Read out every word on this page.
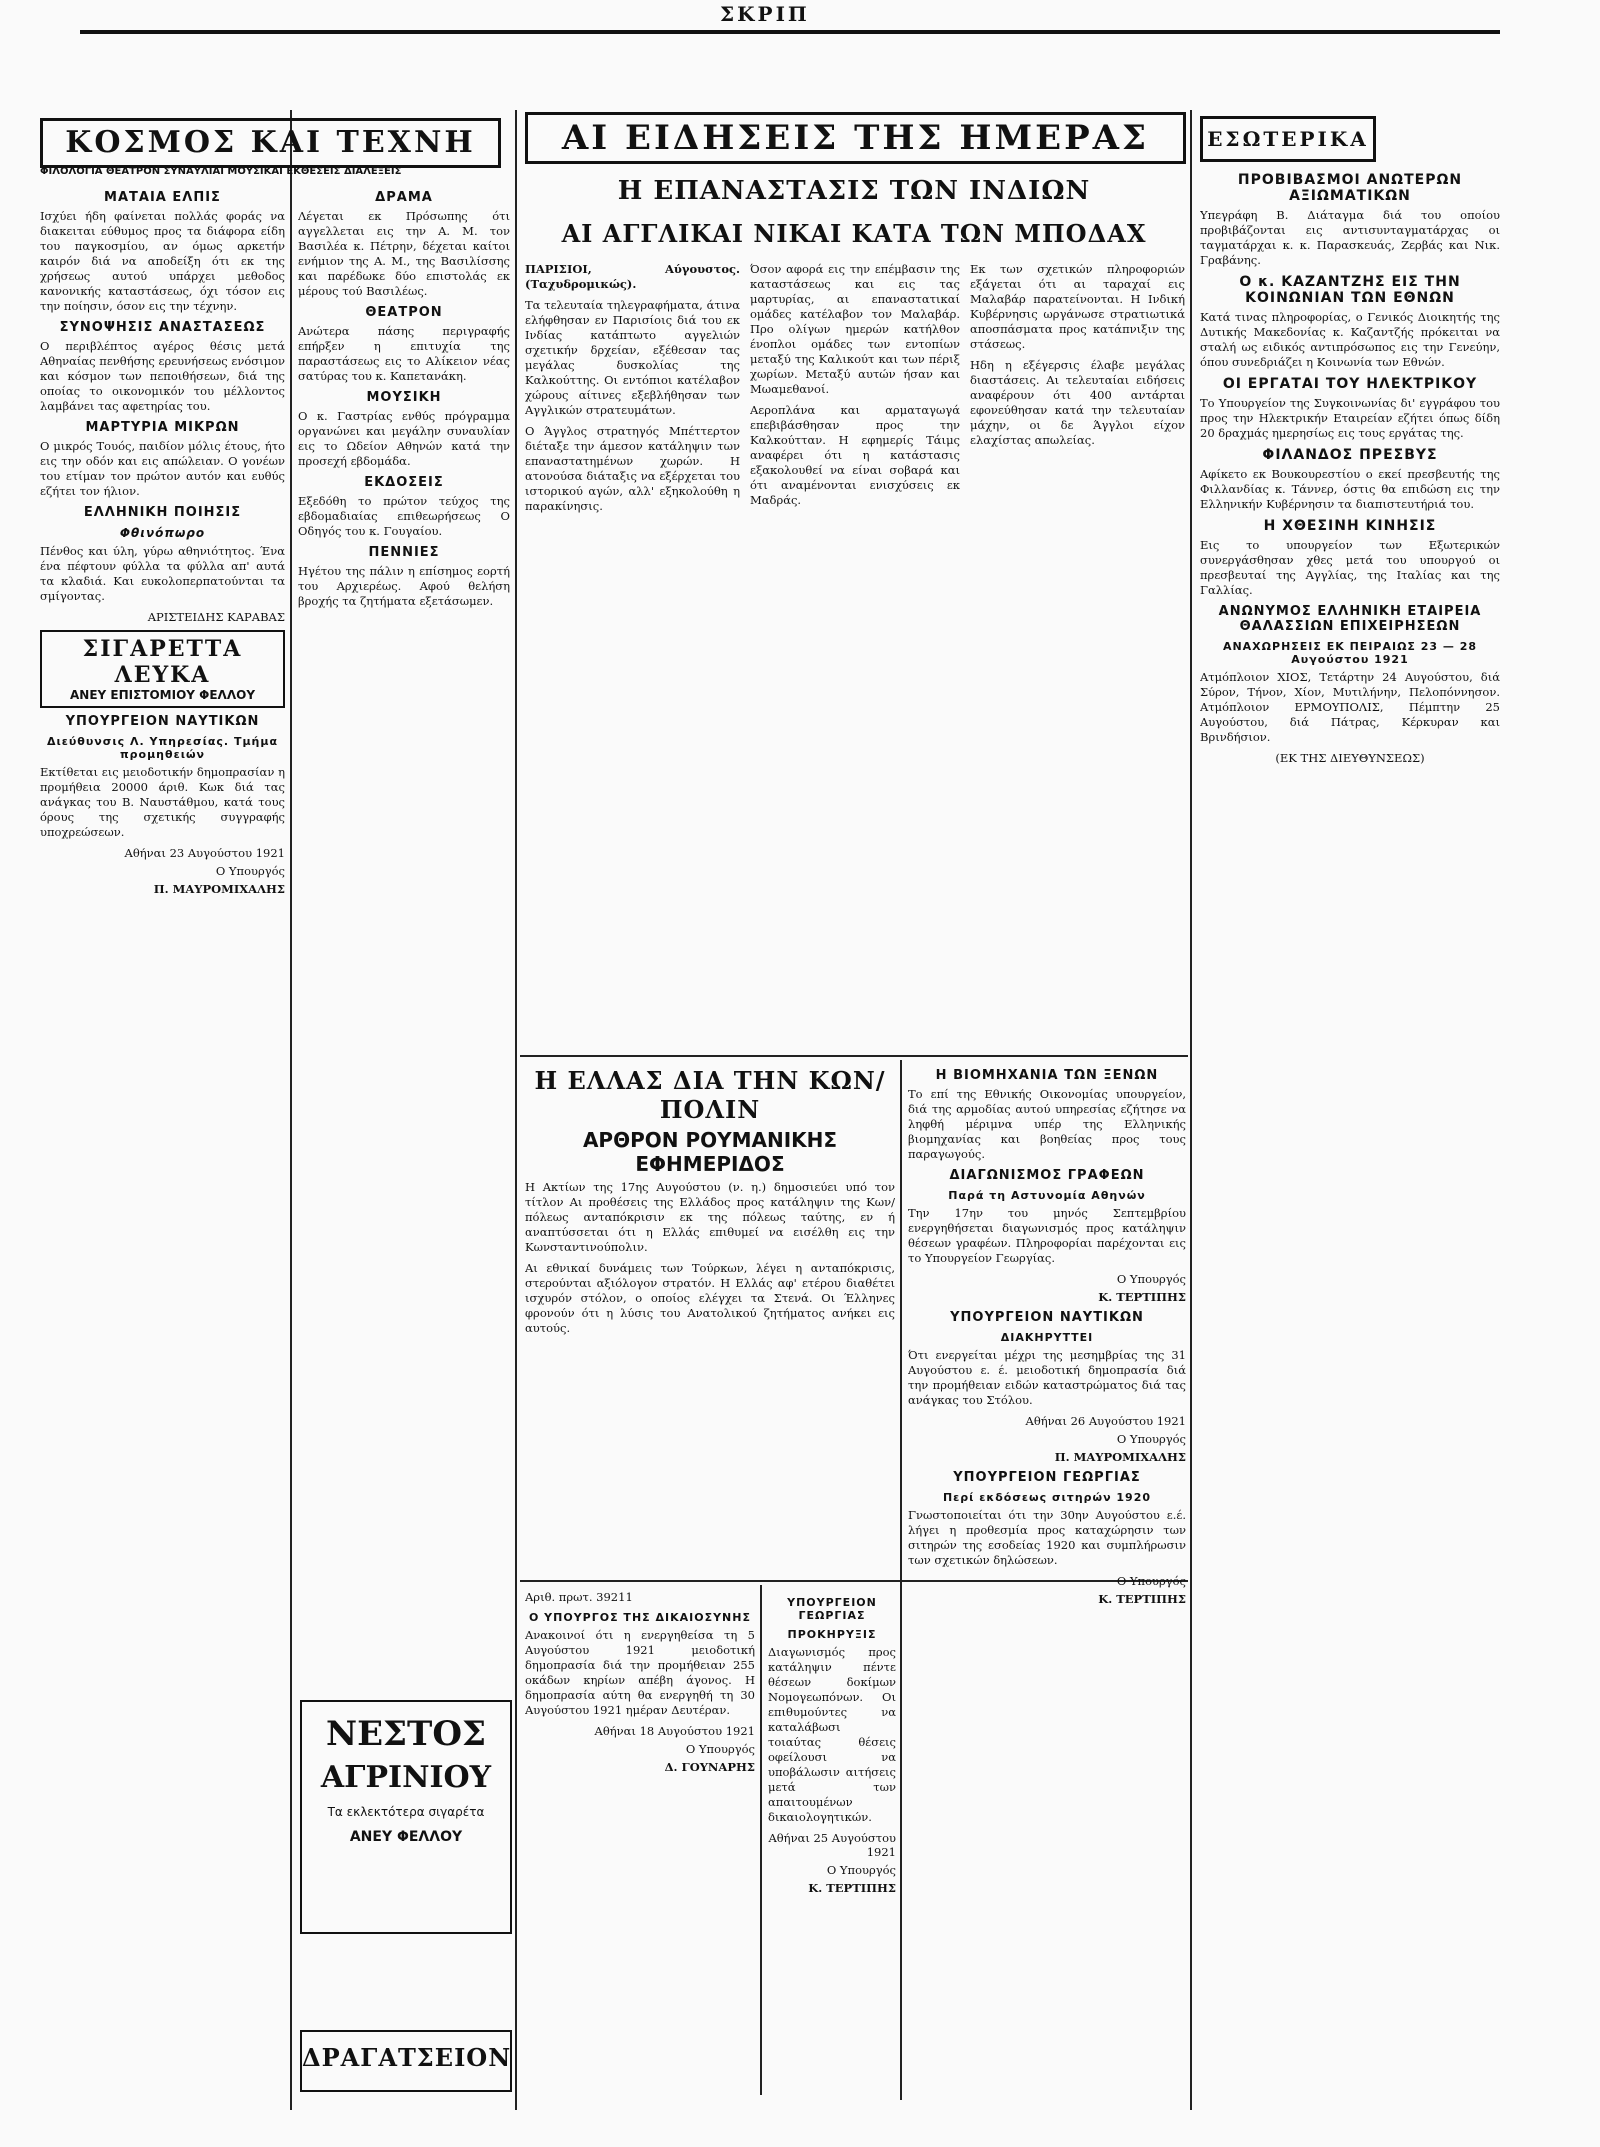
ΣΚΡΙΠ
ΚΟΣΜΟΣ ΚΑΙ ΤΕΧΝΗ
ΦΙΛΟΛΟΓΙΑ ΘΕΑΤΡΟΝ ΣΥΝΑΥΛΙΑΙ ΜΟΥΣΙΚΑΙ ΕΚΘΕΣΕΙΣ ΔΙΑΛΕΞΕΙΣ
ΜΑΤΑΙΑ ΕΛΠΙΣ

Ισχύει ήδη φαίνεται πολλάς φοράς να διακειται εύθυμος προς τα διάφορα είδη του παγκοσμίου, αν όμως αρκετήν καιρόν διά να αποδείξη ότι εκ της χρήσεως αυτού υπάρχει μεθοδος κανονικής καταστάσεως, όχι τόσον εις την ποίησιν, όσον εις την τέχνην.

ΣΥΝΟΨΗΣΙΣ ΑΝΑΣΤΑΣΕΩΣ

Ο περιβλέπτος αγέρος θέσις μετά Αθηναίας πενθήσης ερευνήσεως ενόσιμον και κόσμον των πεποιθήσεων, διά της οποίας το οικονομικόν του μέλλοντος λαμβάνει τας αφετηρίας του.

ΜΑΡΤΥΡΙΑ ΜΙΚΡΩΝ

Ο μικρός Τουός, παιδίον μόλις έτους, ήτο εις την οδόν και εις απώλειαν. Ο γονέων του ετίμαν τον πρώτον αυτόν και ευθύς εζήτει τον ήλιον.

ΕΛΛΗΝΙΚΗ ΠΟΙΗΣΙΣ
Φθινόπωρο

Πένθος και ύλη, γύρω αθηνιότητος. Ένα ένα πέφτουν φύλλα τα φύλλα απ' αυτά τα κλαδιά. Και ευκολοπερπατούνται τα σμίγοντας.

ΑΡΙΣΤΕΙΔΗΣ ΚΑΡΑΒΑΣ
ΣΙΓΑΡΕΤΤΑ ΛΕΥΚΑ
ΑΝΕΥ ΕΠΙΣΤΟΜΙΟΥ ΦΕΛΛΟΥ
ΥΠΟΥΡΓΕΙΟΝ ΝΑΥΤΙΚΩΝ
Διεύθυνσις Λ. Υπηρεσίας. Τμήμα προμηθειών

Εκτίθεται εις μειοδοτικήν δημοπρασίαν η προμήθεια 20000 άριθ. Κωκ διά τας ανάγκας του Β. Ναυστάθμου, κατά τους όρους της σχετικής συγγραφής υποχρεώσεων.

Αθήναι 23 Αυγούστου 1921
Ο Υπουργός
Π. ΜΑΥΡΟΜΙΧΑΛΗΣ
ΔΡΑΜΑ

Λέγεται εκ Πρόσωπης ότι αγγελλεται εις την Α. Μ. τον Βασιλέα κ. Πέτρην, δέχεται καίτοι ενήμιον της Α. Μ., της Βασιλίσσης και παρέδωκε δύο επιστολάς εκ μέρους τού Βασιλέως.

ΘΕΑΤΡΟΝ

Ανώτερα πάσης περιγραφής επήρξεν η επιτυχία της παραστάσεως εις το Αλίκειον νέας σατύρας του κ. Καπετανάκη.

ΜΟΥΣΙΚΗ

Ο κ. Γαστρίας ενθύς πρόγραμμα οργανώνει και μεγάλην συναυλίαν εις το Ωδείον Αθηνών κατά την προσεχή εβδομάδα.

ΕΚΔΟΣΕΙΣ

Εξεδόθη το πρώτον τεύχος της εβδομαδιαίας επιθεωρήσεως Ο Οδηγός του κ. Γουγαίου.

ΠΕΝΝΙΕΣ

Ηγέτου της πάλιν η επίσημος εορτή του Αρχιερέως. Αφού θελήση βροχής τα ζητήματα εξετάσωμεν.

ΝΕΣΤΟΣ
ΑΓΡΙΝΙΟΥ
Τα εκλεκτότερα σιγαρέτα
ΑΝΕΥ ΦΕΛΛΟΥ
ΔΡΑΓΑΤΣΕΙΟΝ
ΑΙ ΕΙΔΗΣΕΙΣ ΤΗΣ ΗΜΕΡΑΣ
Η ΕΠΑΝΑΣΤΑΣΙΣ ΤΩΝ ΙΝΔΙΩΝ
ΑΙ ΑΓΓΛΙΚΑΙ ΝΙΚΑΙ ΚΑΤΑ ΤΩΝ ΜΠΟΔΑΧ

ΠΑΡΙΣΙΟΙ, Αύγουστος. (Ταχυδρομικώς).

Τα τελευταία τηλεγραφήματα, άτινα ελήφθησαν εν Παρισίοις διά του εκ Ινδίας κατάπτωτο αγγελιών σχετικήν δρχείαν, εξέθεσαν τας μεγάλας δυσκολίας της Καλκούττης. Οι εντόπιοι κατέλαβον χώρους αίτινες εξεβλήθησαν των Αγγλικών στρατευμάτων.

Ο Άγγλος στρατηγός Μπέττερτον διέταξε την άμεσον κατάληψιν των επαναστατημένων χωρών. Η ατονούσα διάταξις να εξέρχεται του ιστορικού αγών, αλλ' εξηκολούθη η παρακίνησις.

Όσον αφορά εις την επέμβασιν της καταστάσεως και εις τας μαρτυρίας, αι επαναστατικαί ομάδες κατέλαβον τον Μαλαβάρ. Προ ολίγων ημερών κατήλθον ένοπλοι ομάδες των εντοπίων μεταξύ της Καλικούτ και των πέριξ χωρίων. Μεταξύ αυτών ήσαν και Μωαμεθανοί.

Αεροπλάνα και αρματαγωγά επεβιβάσθησαν προς την Καλκούτταν. Η εφημερίς Τάιμς αναφέρει ότι η κατάστασις εξακολουθεί να είναι σοβαρά και ότι αναμένονται ενισχύσεις εκ Μαδράς.

Εκ των σχετικών πληροφοριών εξάγεται ότι αι ταραχαί εις Μαλαβάρ παρατείνονται. Η Ινδική Κυβέρνησις ωργάνωσε στρατιωτικά αποσπάσματα προς κατάπνιξιν της στάσεως.

Ηδη η εξέγερσις έλαβε μεγάλας διαστάσεις. Αι τελευταίαι ειδήσεις αναφέρουν ότι 400 αντάρται εφονεύθησαν κατά την τελευταίαν μάχην, οι δε Άγγλοι είχον ελαχίστας απωλείας.

Η ΕΛΛΑΣ ΔΙΑ ΤΗΝ ΚΩΝ/ΠΟΛΙΝ
ΑΡΘΡΟΝ ΡΟΥΜΑΝΙΚΗΣ ΕΦΗΜΕΡΙΔΟΣ

Η Ακτίων της 17ης Αυγούστου (ν. η.) δημοσιεύει υπό τον τίτλον Αι προθέσεις της Ελλάδος προς κατάληψιν της Κων/πόλεως ανταπόκρισιν εκ της πόλεως ταύτης, εν ή αναπτύσσεται ότι η Ελλάς επιθυμεί να εισέλθη εις την Κωνσταντινούπολιν.

Αι εθνικαί δυνάμεις των Τούρκων, λέγει η ανταπόκρισις, στερούνται αξιόλογον στρατόν. Η Ελλάς αφ' ετέρου διαθέτει ισχυρόν στόλον, ο οποίος ελέγχει τα Στενά. Οι Έλληνες φρονούν ότι η λύσις του Ανατολικού ζητήματος ανήκει εις αυτούς.

Αριθ. πρωτ. 39211

Ο ΥΠΟΥΡΓΟΣ ΤΗΣ ΔΙΚΑΙΟΣΥΝΗΣ

Ανακοινοί ότι η ενεργηθείσα τη 5 Αυγούστου 1921 μειοδοτική δημοπρασία διά την προμήθειαν 255 οκάδων κηρίων απέβη άγονος. Η δημοπρασία αύτη θα ενεργηθή τη 30 Αυγούστου 1921 ημέραν Δευτέραν.

Αθήναι 18 Αυγούστου 1921
Ο Υπουργός
Δ. ΓΟΥΝΑΡΗΣ
ΥΠΟΥΡΓΕΙΟΝ ΓΕΩΡΓΙΑΣ
ΠΡΟΚΗΡΥΞΙΣ

Διαγωνισμός προς κατάληψιν πέντε θέσεων δοκίμων Νομογεωπόνων. Οι επιθυμούντες να καταλάβωσι τοιαύτας θέσεις οφείλουσι να υποβάλωσιν αιτήσεις μετά των απαιτουμένων δικαιολογητικών.

Αθήναι 25 Αυγούστου 1921
Ο Υπουργός
Κ. ΤΕΡΤΙΠΗΣ
Η ΒΙΟΜΗΧΑΝΙΑ ΤΩΝ ΞΕΝΩΝ

Το επί της Εθνικής Οικονομίας υπουργείον, διά της αρμοδίας αυτού υπηρεσίας εζήτησε να ληφθή μέριμνα υπέρ της Ελληνικής βιομηχανίας και βοηθείας προς τους παραγωγούς.

ΔΙΑΓΩΝΙΣΜΟΣ ΓΡΑΦΕΩΝ
Παρά τη Αστυνομία Αθηνών

Την 17ην του μηνός Σεπτεμβρίου ενεργηθήσεται διαγωνισμός προς κατάληψιν θέσεων γραφέων. Πληροφορίαι παρέχονται εις το Υπουργείον Γεωργίας.

Ο Υπουργός
Κ. ΤΕΡΤΙΠΗΣ
ΥΠΟΥΡΓΕΙΟΝ ΝΑΥΤΙΚΩΝ
ΔΙΑΚΗΡΥΤΤΕΙ

Ότι ενεργείται μέχρι της μεσημβρίας της 31 Αυγούστου ε. έ. μειοδοτική δημοπρασία διά την προμήθειαν ειδών καταστρώματος διά τας ανάγκας του Στόλου.

Αθήναι 26 Αυγούστου 1921
Ο Υπουργός
Π. ΜΑΥΡΟΜΙΧΑΛΗΣ
ΥΠΟΥΡΓΕΙΟΝ ΓΕΩΡΓΙΑΣ
Περί εκδόσεως σιτηρών 1920

Γνωστοποιείται ότι την 30ην Αυγούστου ε.έ. λήγει η προθεσμία προς καταχώρησιν των σιτηρών της εσοδείας 1920 και συμπλήρωσιν των σχετικών δηλώσεων.

Ο Υπουργός
Κ. ΤΕΡΤΙΠΗΣ
ΕΣΩΤΕΡΙΚΑ
ΠΡΟΒΙΒΑΣΜΟΙ ΑΝΩΤΕΡΩΝ ΑΞΙΩΜΑΤΙΚΩΝ

Υπεγράφη Β. Διάταγμα διά του οποίου προβιβάζονται εις αντισυνταγματάρχας οι ταγματάρχαι κ. κ. Παρασκευάς, Ζερβάς και Νικ. Γραβάνης.

Ο κ. ΚΑΖΑΝΤΖΗΣ ΕΙΣ ΤΗΝ ΚΟΙΝΩΝΙΑΝ ΤΩΝ ΕΘΝΩΝ

Κατά τινας πληροφορίας, ο Γενικός Διοικητής της Δυτικής Μακεδονίας κ. Καζαντζής πρόκειται να σταλή ως ειδικός αντιπρόσωπος εις την Γενεύην, όπου συνεδριάζει η Κοινωνία των Εθνών.

ΟΙ ΕΡΓΑΤΑΙ ΤΟΥ ΗΛΕΚΤΡΙΚΟΥ

Το Υπουργείον της Συγκοινωνίας δι' εγγράφου του προς την Ηλεκτρικήν Εταιρείαν εζήτει όπως δίδη 20 δραχμάς ημερησίως εις τους εργάτας της.

ΦΙΛΑΝΔΟΣ ΠΡΕΣΒΥΣ

Αφίκετο εκ Βουκουρεστίου ο εκεί πρεσβευτής της Φιλλανδίας κ. Τάννερ, όστις θα επιδώση εις την Ελληνικήν Κυβέρνησιν τα διαπιστευτήριά του.

Η ΧΘΕΣΙΝΗ ΚΙΝΗΣΙΣ

Εις το υπουργείον των Εξωτερικών συνεργάσθησαν χθες μετά του υπουργού οι πρεσβευταί της Αγγλίας, της Ιταλίας και της Γαλλίας.

ΑΝΩΝΥΜΟΣ ΕΛΛΗΝΙΚΗ ΕΤΑΙΡΕΙΑ ΘΑΛΑΣΣΙΩΝ ΕΠΙΧΕΙΡΗΣΕΩΝ
ΑΝΑΧΩΡΗΣΕΙΣ ΕΚ ΠΕΙΡΑΙΩΣ 23 — 28 Αυγούστου 1921

Ατμόπλοιον ΧΙΟΣ, Τετάρτην 24 Αυγούστου, διά Σύρον, Τήνον, Χίον, Μυτιλήνην, Πελοπόννησον. Ατμόπλοιον ΕΡΜΟΥΠΟΛΙΣ, Πέμπτην 25 Αυγούστου, διά Πάτρας, Κέρκυραν και Βρινδήσιον.

(ΕΚ ΤΗΣ ΔΙΕΥΘΥΝΣΕΩΣ)
